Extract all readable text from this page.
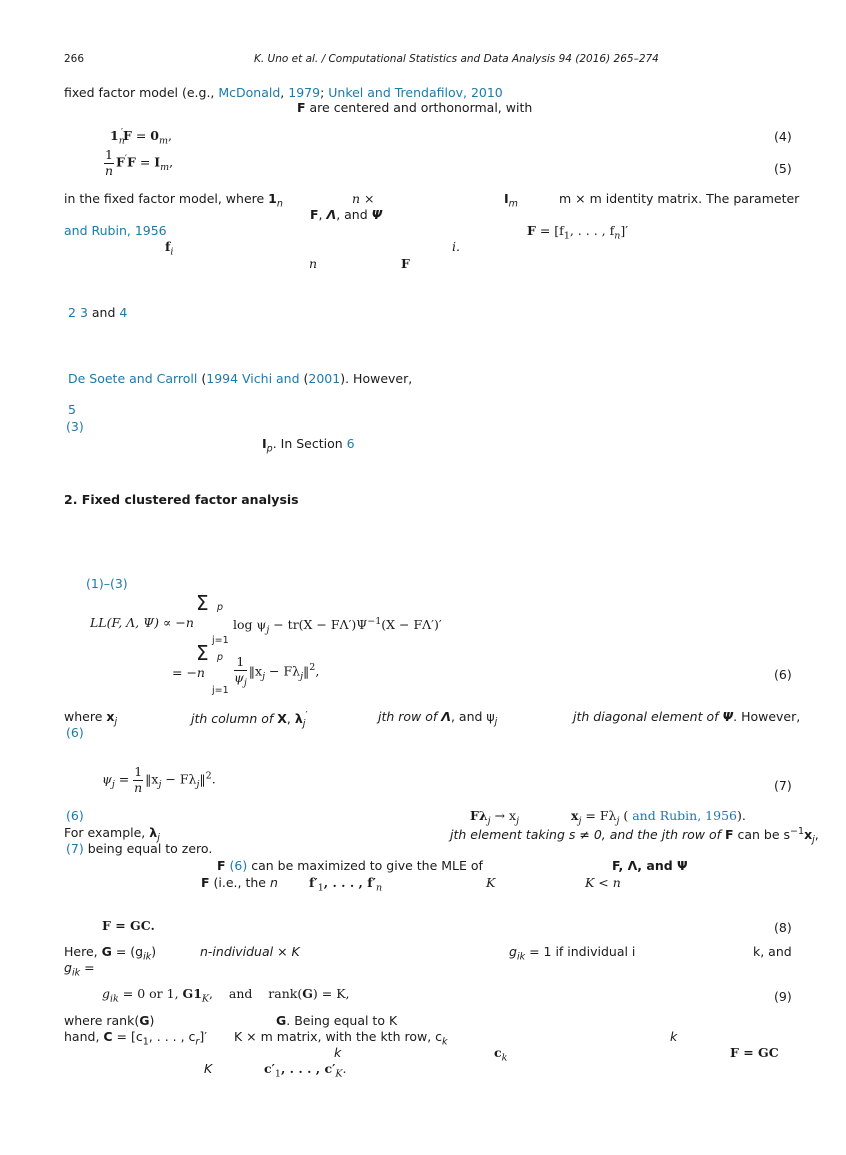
266	K. Uno et al. / Computational Statistics and Data Analysis 94 (2016) 265–274
fixed factor model (e.g., McDonald, 1979; Unkel and Trendafilov, 2010
F are centered and orthonormal, with
$1_n'F = 0_m$,	(4)
$\frac{1}{n} F'F = I_m$,	(5)
in the fixed factor model, where $1_n$	n ×	$I_m$	m × m identity matrix. The parameter
F, Λ, and Ψ
and Rubin, 1956	$F = [f_1$, . . . , $f_n]'$
$f_i$	i.
n	F
2 3 and 4
De Soete and Carroll (1994 Vichi and (2001). However,
5
(3)
$I_p$. In Section 6
2. Fixed clustered factor analysis
(1)–(3)
Σ p
j=1
LL(F, Λ, Ψ) ∝ −n	$\log \psi_j - tr(X - F\Lambda')\Psi^{-1}(X - F\Lambda')'$
Σ p
j=1
= $-n \frac{1}{\psi_j}$ $‖x_j$ − $F\lambda_j‖^2$,	(6)
where $x_j$	jth column of X, $\lambda_j'$	jth row of Λ, and $\psi_j$	jth diagonal element of Ψ. However,
(6)
$\psi_j = \frac{1}{n}$ $‖x_j$ − $F\lambda_j‖^2$.	(7)
(6)	$F\lambda_j \to x_j$	$x_j = F\lambda_j$ ( and Rubin, 1956).
For example, $\lambda_j$	jth element taking s ≠ 0, and the jth row of F can be $s^{-1}x_j$,
(7) being equal to zero.
F (6) can be maximized to give the MLE of	F, Λ, and Ψ
F (i.e., the n $f'_1$, . . . , $f'_n$	K	K < n
F = GC.	(8)
Here, $G = (g_{ik})$	n-individual × K	$g_{ik} = 1$ if individual i	k, and
$g_{ik}$ =
$g_{ik} = 0$ or 1, $G1_K$,    and    rank(G) = K,	(9)
where rank(G)	G. Being equal to K
hand, $C = [c_1$, . . . , $c_r]'$ K × m matrix, with the kth row, $c_k$	k
k	$c_k$	F = GC
K	$c'_1$, . . . , $c'_K$.
